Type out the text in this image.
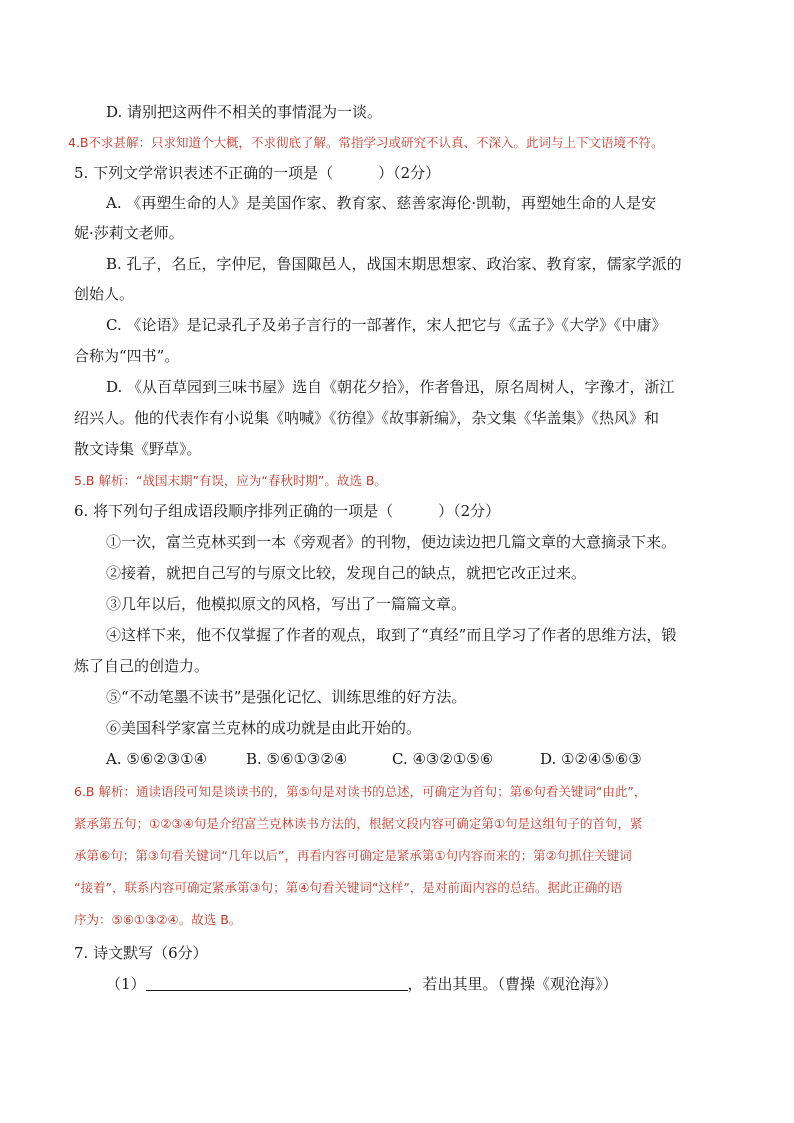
D. 请别把这两件不相关的事情混为一谈。
4.B不求甚解：只求知道个大概，不求彻底了解。常指学习或研究不认真、不深入。此词与上下文语境不符。
5. 下列文学常识表述不正确的一项是（　　　）（2分）
A. 《再塑生命的人》是美国作家、教育家、慈善家海伦·凯勒，再塑她生命的人是安
妮·莎莉文老师。
B. 孔子，名丘，字仲尼，鲁国陬邑人，战国末期思想家、政治家、教育家，儒家学派的
创始人。
C. 《论语》是记录孔子及弟子言行的一部著作，宋人把它与《孟子》《大学》《中庸》
合称为“四书”。
D. 《从百草园到三味书屋》选自《朝花夕拾》，作者鲁迅，原名周树人，字豫才，浙江
绍兴人。他的代表作有小说集《呐喊》《彷徨》《故事新编》，杂文集《华盖集》《热风》和
散文诗集《野草》。
5.B 解析：“战国末期”有误，应为“春秋时期”。故选 B。
6. 将下列句子组成语段顺序排列正确的一项是（　　　）（2分）
①一次，富兰克林买到一本《旁观者》的刊物，便边读边把几篇文章的大意摘录下来。
②接着，就把自己写的与原文比较，发现自己的缺点，就把它改正过来。
③几年以后，他模拟原文的风格，写出了一篇篇文章。
④这样下来，他不仅掌握了作者的观点，取到了“真经”而且学习了作者的思维方法，锻
炼了自己的创造力。
⑤“不动笔墨不读书”是强化记忆、训练思维的好方法。
⑥美国科学家富兰克林的成功就是由此开始的。
A. ⑤⑥②③①④	B. ⑤⑥①③②④	C. ④③②①⑤⑥	D. ①②④⑤⑥③
6.B 解析：通读语段可知是谈读书的，第⑤句是对读书的总述，可确定为首句；第⑥句看关键词“由此”，
紧承第五句；①②③④句是介绍富兰克林读书方法的，根据文段内容可确定第①句是这组句子的首句，紧
承第⑥句；第③句看关键词“几年以后”，再看内容可确定是紧承第①句内容而来的；第②句抓住关键词
“接着”，联系内容可确定紧承第③句；第④句看关键词“这样”，是对前面内容的总结。据此正确的语
序为：⑤⑥①③②④。故选 B。
7. 诗文默写（6分）
（1）	，若出其里。（曹操《观沧海》）
